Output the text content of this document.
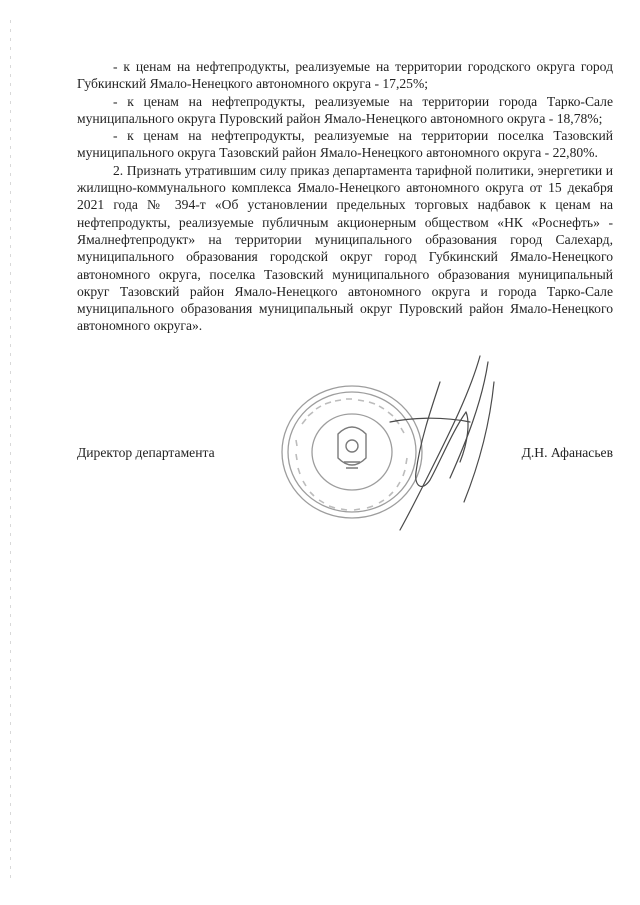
- к ценам на нефтепродукты, реализуемые на территории городского округа город Губкинский Ямало-Ненецкого автономного округа - 17,25%;

- к ценам на нефтепродукты, реализуемые на территории города Тарко-Сале муниципального округа Пуровский район Ямало-Ненецкого автономного округа - 18,78%;

- к ценам на нефтепродукты, реализуемые на территории поселка Тазовский муниципального округа Тазовский район Ямало-Ненецкого автономного округа - 22,80%.

2. Признать утратившим силу приказ департамента тарифной политики, энергетики и жилищно-коммунального комплекса Ямало-Ненецкого автономного округа от 15 декабря 2021 года № 394-т «Об установлении предельных торговых надбавок к ценам на нефтепродукты, реализуемые публичным акционерным обществом «НК «Роснефть» - Ямалнефтепродукт» на территории муниципального образования город Салехард, муниципального образования городской округ город Губкинский Ямало-Ненецкого автономного округа, поселка Тазовский муниципального образования муниципальный округ Тазовский район Ямало-Ненецкого автономного округа и города Тарко-Сале муниципального образования муниципальный округ Пуровский район Ямало-Ненецкого автономного округа».

Директор департамента	Д.Н. Афанасьев
